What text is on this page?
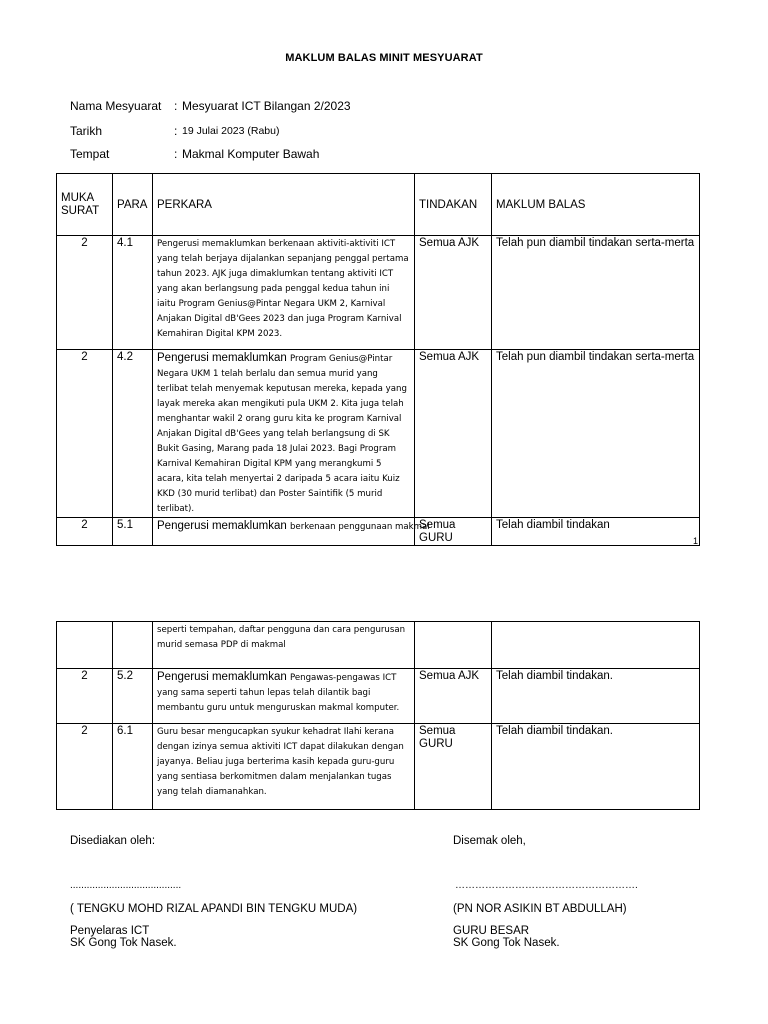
MAKLUM BALAS MINIT MESYUARAT
Nama Mesyuarat : Mesyuarat ICT Bilangan 2/2023
Tarikh	: 19 Julai 2023 (Rabu)
Tempat	: Makmal Komputer Bawah
MUKA
SURAT	PARA	PERKARA	TINDAKAN	MAKLUM BALAS
2	4.1	Pengerusi memaklumkan berkenaan aktiviti-aktiviti ICT yang telah berjaya dijalankan sepanjang penggal pertama tahun 2023. AJK juga dimaklumkan tentang aktiviti ICT yang akan berlangsung pada penggal kedua tahun ini iaitu Program Genius@Pintar Negara UKM 2, Karnival Anjakan Digital dB'Gees 2023 dan juga Program Karnival Kemahiran Digital KPM 2023.	Semua AJK	Telah pun diambil tindakan serta-merta
2	4.2	Pengerusi memaklumkan Program Genius@Pintar Negara UKM 1 telah berlalu dan semua murid yang terlibat telah menyemak keputusan mereka, kepada yang layak mereka akan mengikuti pula UKM 2. Kita juga telah menghantar wakil 2 orang guru kita ke program Karnival Anjakan Digital dB'Gees yang telah berlangsung di SK Bukit Gasing, Marang pada 18 Julai 2023. Bagi Program Karnival Kemahiran Digital KPM yang merangkumi 5 acara, kita telah menyertai 2 daripada 5 acara iaitu Kuiz KKD (30 murid terlibat) dan Poster Saintifik (5 murid terlibat).	Semua AJK	Telah pun diambil tindakan serta-merta
2	5.1	Pengerusi memaklumkan berkenaan penggunaan makmal	Semua GURU	Telah diambil tindakan
1
		seperti tempahan, daftar pengguna dan cara pengurusan murid semasa PDP di makmal		
2	5.2	Pengerusi memaklumkan Pengawas-pengawas ICT yang sama seperti tahun lepas telah dilantik bagi membantu guru untuk menguruskan makmal komputer.	Semua AJK	Telah diambil tindakan.
2	6.1	Guru besar mengucapkan syukur kehadrat Ilahi kerana dengan izinya semua aktiviti ICT dapat dilakukan dengan jayanya. Beliau juga berterima kasih kepada guru-guru yang sentiasa berkomitmen dalam menjalankan tugas yang telah diamanahkan.	Semua GURU	Telah diambil tindakan.
Disediakan oleh:	Disemak oleh,
........................................	……………………………………………….
( TENGKU MOHD RIZAL APANDI BIN TENGKU MUDA)	(PN NOR ASIKIN BT ABDULLAH)
Penyelaras ICT
SK Gong Tok Nasek.
GURU BESAR
SK Gong Tok Nasek.
